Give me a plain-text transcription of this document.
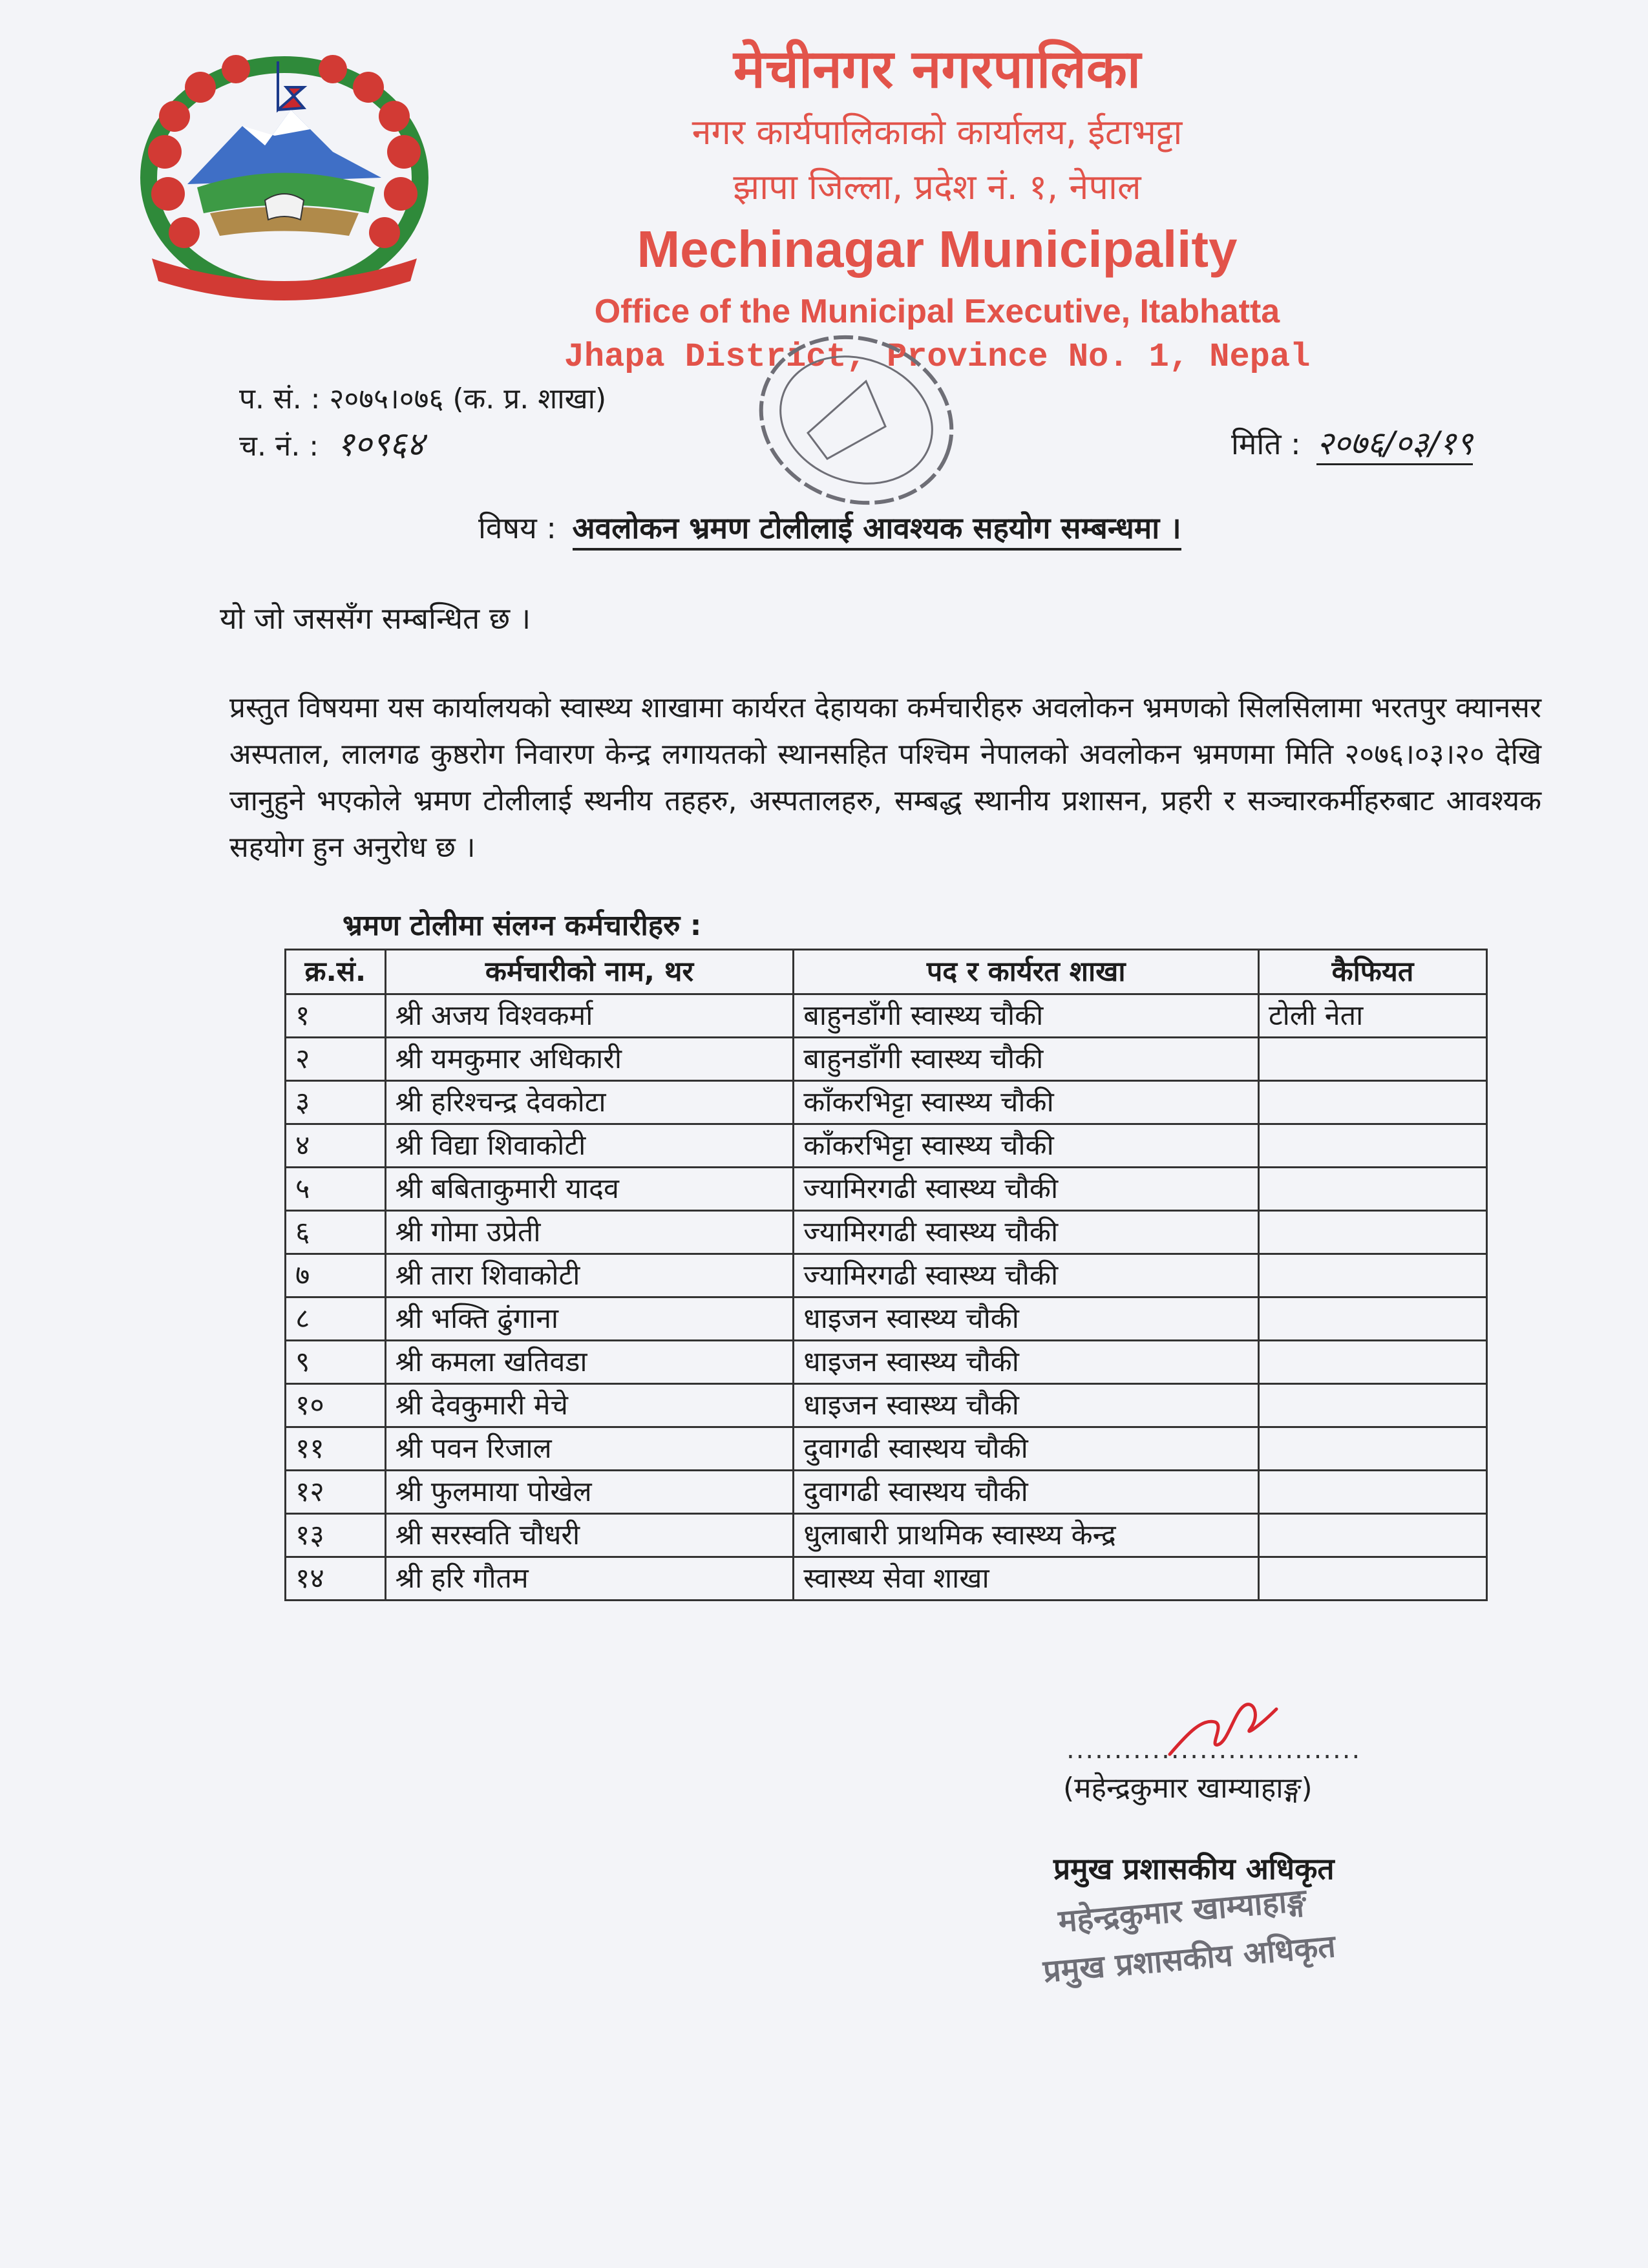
मेचीनगर नगरपालिका
नगर कार्यपालिकाको कार्यालय, ईटाभट्टा
झापा जिल्ला, प्रदेश नं. १, नेपाल
Mechinagar Municipality
Office of the Municipal Executive, Itabhatta
Jhapa District, Province No. 1, Nepal
प. सं. : २०७५।०७६ (क. प्र. शाखा)
च. नं. : १०९६४	मिति : २०७६/०३/१९
विषय : अवलोकन भ्रमण टोलीलाई आवश्यक सहयोग सम्बन्धमा ।
यो जो जससँग सम्बन्धित छ ।
प्रस्तुत विषयमा यस कार्यालयको स्वास्थ्य शाखामा कार्यरत देहायका कर्मचारीहरु अवलोकन भ्रमणको सिलसिलामा भरतपुर क्यानसर अस्पताल, लालगढ कुष्ठरोग निवारण केन्द्र लगायतको स्थानसहित पश्चिम नेपालको अवलोकन भ्रमणमा मिति २०७६।०३।२० देखि जानुहुने भएकोले भ्रमण टोलीलाई स्थनीय तहहरु, अस्पतालहरु, सम्बद्ध स्थानीय प्रशासन, प्रहरी र सञ्चारकर्मीहरुबाट आवश्यक सहयोग हुन अनुरोध छ ।
भ्रमण टोलीमा संलग्न कर्मचारीहरु :
क्र.सं.	कर्मचारीको नाम, थर	पद र कार्यरत शाखा	कैफियत
१	श्री अजय विश्वकर्मा	बाहुनडाँगी स्वास्थ्य चौकी	टोली नेता
२	श्री यमकुमार अधिकारी	बाहुनडाँगी स्वास्थ्य चौकी	
३	श्री हरिश्चन्द्र देवकोटा	काँकरभिट्टा स्वास्थ्य चौकी	
४	श्री विद्या शिवाकोटी	काँकरभिट्टा स्वास्थ्य चौकी	
५	श्री बबिताकुमारी यादव	ज्यामिरगढी स्वास्थ्य चौकी	
६	श्री गोमा उप्रेती	ज्यामिरगढी स्वास्थ्य चौकी	
७	श्री तारा शिवाकोटी	ज्यामिरगढी स्वास्थ्य चौकी	
८	श्री भक्ति ढुंगाना	धाइजन स्वास्थ्य चौकी	
९	श्री कमला खतिवडा	धाइजन स्वास्थ्य चौकी	
१०	श्री देवकुमारी मेचे	धाइजन स्वास्थ्य चौकी	
११	श्री पवन रिजाल	दुवागढी स्वास्थय चौकी	
१२	श्री फुलमाया पोखेल	दुवागढी स्वास्थय चौकी	
१३	श्री सरस्वति चौधरी	धुलाबारी प्राथमिक स्वास्थ्य केन्द्र	
१४	श्री हरि गौतम	स्वास्थ्य सेवा शाखा	
...............................
(महेन्द्रकुमार खाम्याहाङ्ग)
प्रमुख प्रशासकीय अधिकृत
महेन्द्रकुमार खाम्याहाङ्ग
प्रमुख प्रशासकीय अधिकृत
